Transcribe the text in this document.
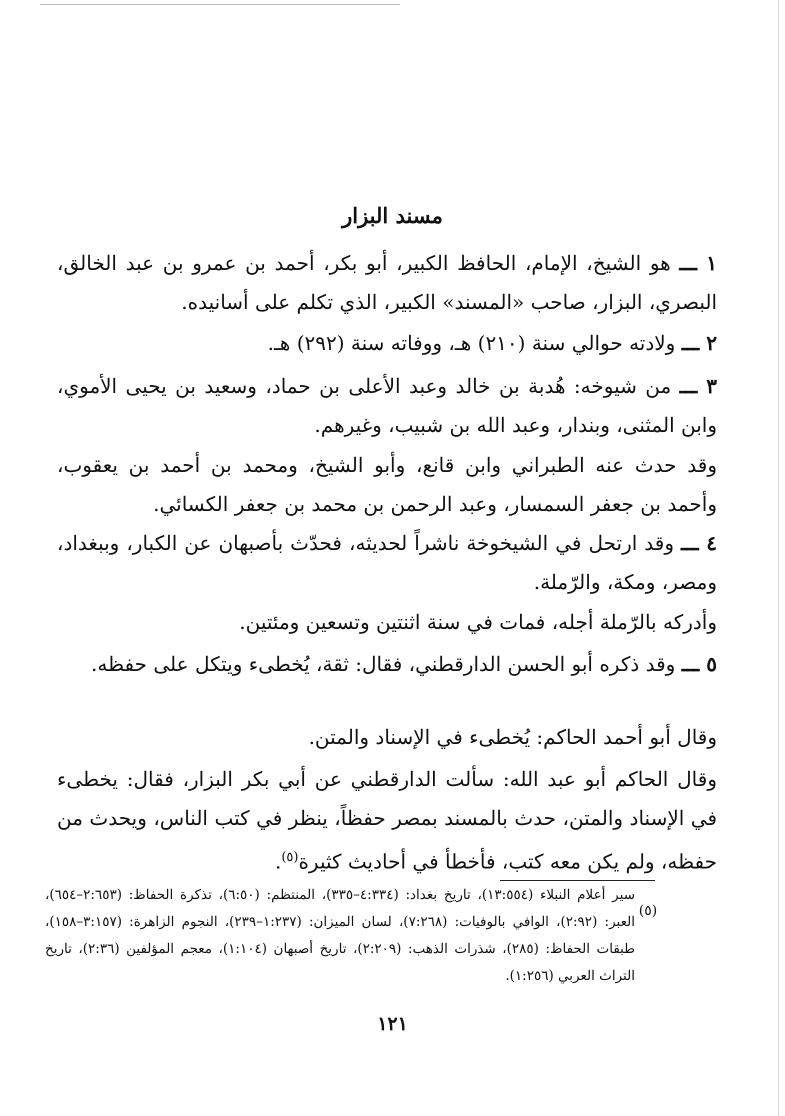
مسند البزار
١ ـــ هو الشيخ، الإمام، الحافظ الكبير، أبو بكر، أحمد بن عمرو بن عبد الخالق، البصري، البزار، صاحب «المسند» الكبير، الذي تكلم على أسانيده.
٢ ـــ ولادته حوالي سنة (٢١٠) هـ، ووفاته سنة (٢٩٢) هـ.
٣ ـــ من شيوخه: هُدبة بن خالد وعبد الأعلى بن حماد، وسعيد بن يحيى الأموي، وابن المثنى، وبندار، وعبد الله بن شبيب، وغيرهم.
وقد حدث عنه الطبراني وابن قانع، وأبو الشيخ، ومحمد بن أحمد بن يعقوب، وأحمد بن جعفر السمسار، وعبد الرحمن بن محمد بن جعفر الكسائي.
٤ ـــ وقد ارتحل في الشيخوخة ناشراً لحديثه، فحدّث بأصبهان عن الكبار، وببغداد، ومصر، ومكة، والرّملة.
وأدركه بالرّملة أجله، فمات في سنة اثنتين وتسعين ومئتين.
٥ ـــ وقد ذكره أبو الحسن الدارقطني، فقال: ثقة، يُخطىء ويتكل على حفظه.
وقال أبو أحمد الحاكم: يُخطىء في الإسناد والمتن.
وقال الحاكم أبو عبد الله: سألت الدارقطني عن أبي بكر البزار، فقال: يخطىء في الإسناد والمتن، حدث بالمسند بمصر حفظاً، ينظر في كتب الناس، ويحدث من حفظه، ولم يكن معه كتب، فأخطأ في أحاديث كثيرة$^{(٥)}$.
(٥)
سير أعلام النبلاء (١٣:٥٥٤)، تاريخ بغداد: (٤:٣٣٤–٣٣٥)، المنتظم: (٦:٥٠)، تذكرة الحفاظ: (٢:٦٥٣–٦٥٤)، العبر: (٢:٩٢)، الوافي بالوفيات: (٧:٢٦٨)، لسان الميزان: (١:٢٣٧–٢٣٩)، النجوم الزاهرة: (٣:١٥٧–١٥٨)، طبقات الحفاظ: (٢٨٥)، شذرات الذهب: (٢:٢٠٩)، تاريخ أصبهان (١:١٠٤)، معجم المؤلفين (٢:٣٦)، تاريخ التراث العربي (١:٢٥٦).
١٢١
